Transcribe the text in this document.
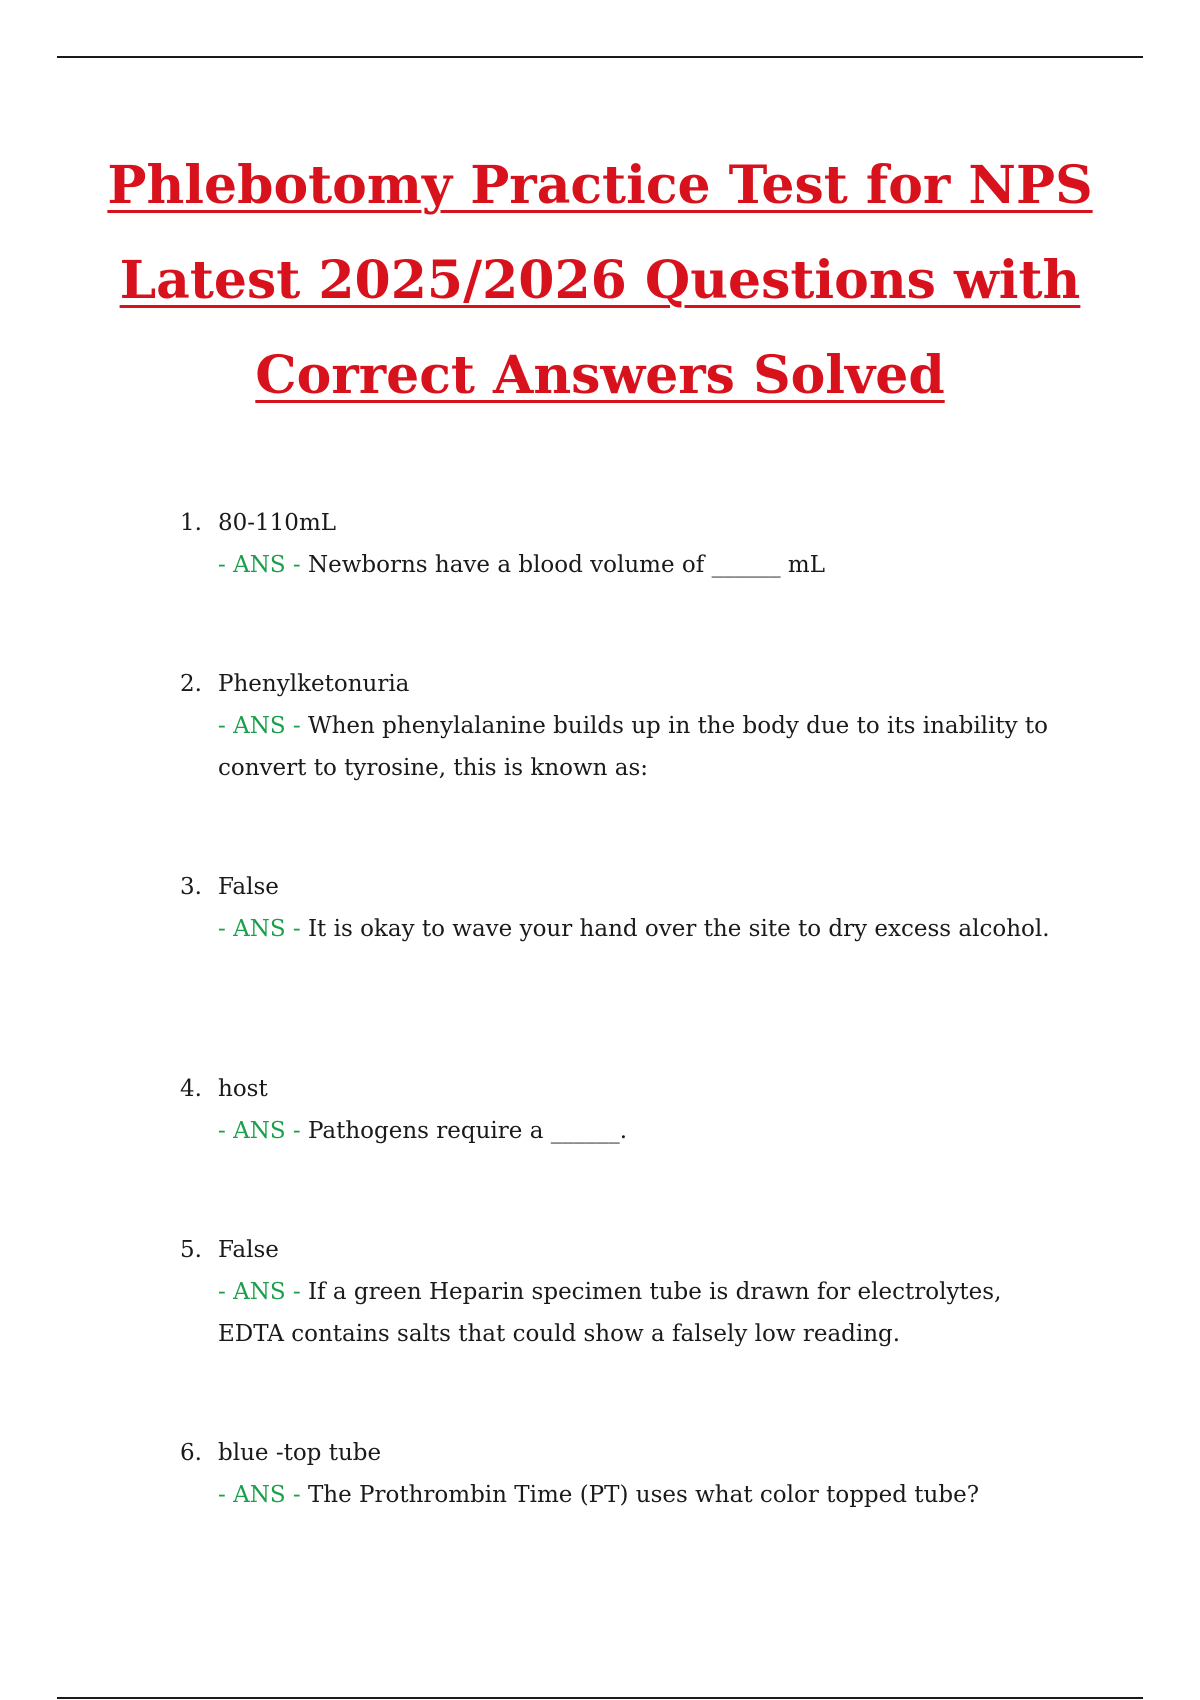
Phlebotomy Practice Test for NPS
Latest 2025/2026 Questions with
Correct Answers Solved
1. 80-110mL
- ANS - Newborns have a blood volume of ______ mL
2. Phenylketonuria
- ANS - When phenylalanine builds up in the body due to its inability to convert to tyrosine, this is known as:
3. False
- ANS - It is okay to wave your hand over the site to dry excess alcohol.
4. host
- ANS - Pathogens require a ______.
5. False
- ANS - If a green Heparin specimen tube is drawn for electrolytes, EDTA contains salts that could show a falsely low reading.
6. blue -top tube
- ANS - The Prothrombin Time (PT) uses what color topped tube?
